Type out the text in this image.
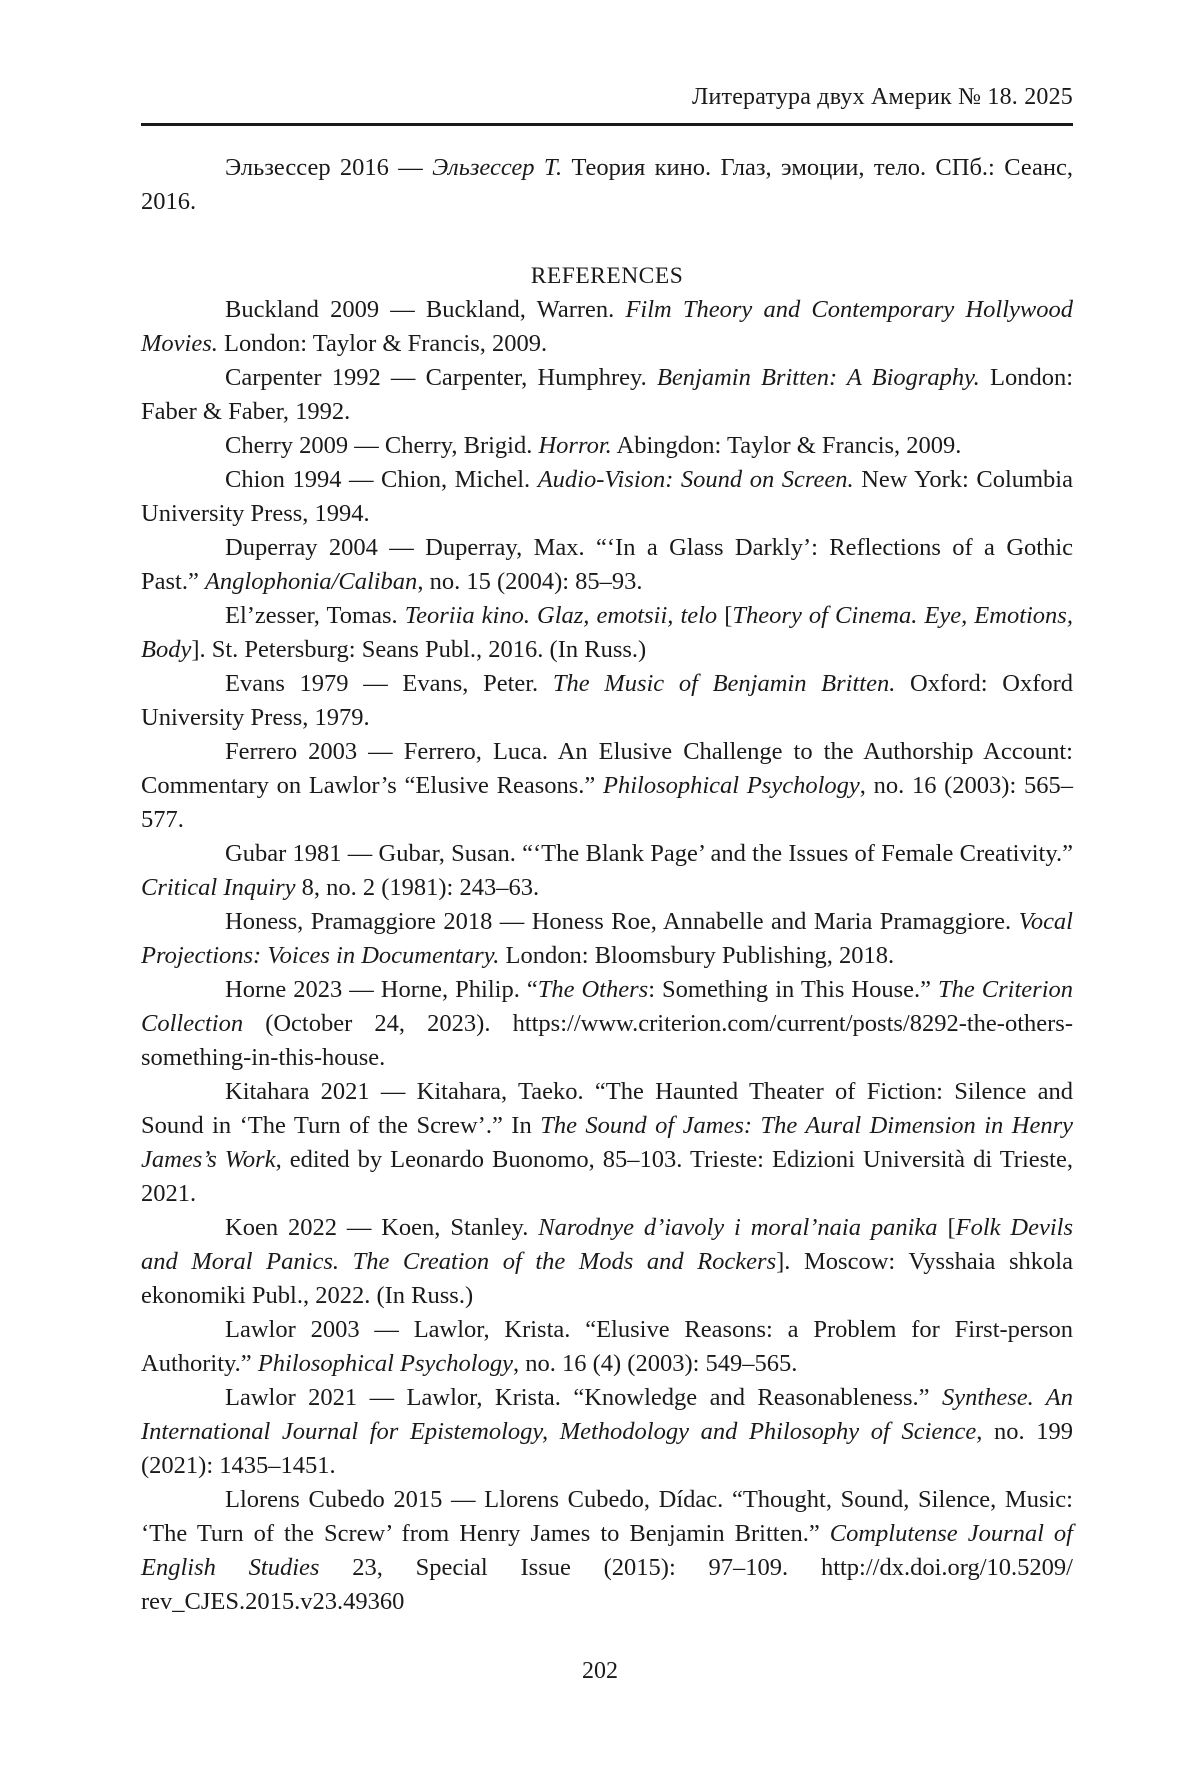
Литература двух Америк № 18. 2025

Эльзессер 2016 — Эльзессер Т. Теория кино. Глаз, эмоции, тело. СПб.: Сеанс, 2016.

REFERENCES

Buckland 2009 — Buckland, Warren. Film Theory and Contemporary Hollywood Movies. London: Taylor & Francis, 2009.

Carpenter 1992 — Carpenter, Humphrey. Benjamin Britten: A Biography. London: Faber & Faber, 1992.

Cherry 2009 — Cherry, Brigid. Horror. Abingdon: Taylor & Francis, 2009.

Chion 1994 — Chion, Michel. Audio-Vision: Sound on Screen. New York: Columbia University Press, 1994.

Duperray 2004 — Duperray, Max. “‘In a Glass Darkly’: Reflections of a Gothic Past.” Anglophonia/Caliban, no. 15 (2004): 85–93.

El’zesser, Tomas. Teoriia kino. Glaz, emotsii, telo [Theory of Cinema. Eye, Emotions, Body]. St. Petersburg: Seans Publ., 2016. (In Russ.)

Evans 1979 — Evans, Peter. The Music of Benjamin Britten. Oxford: Oxford University Press, 1979.

Ferrero 2003 — Ferrero, Luca. An Elusive Challenge to the Authorship Account: Commentary on Lawlor’s “Elusive Reasons.” Philosophical Psychology, no. 16 (2003): 565–577.

Gubar 1981 — Gubar, Susan. “‘The Blank Page’ and the Issues of Female Creativity.” Critical Inquiry 8, no. 2 (1981): 243–63.

Honess, Pramaggiore 2018 — Honess Roe, Annabelle and Maria Pramaggiore. Vocal Projections: Voices in Documentary. London: Bloomsbury Publishing, 2018.

Horne 2023 — Horne, Philip. “The Others: Something in This House.” The Criterion Collection (October 24, 2023). https://www.criterion.com/current/​posts/8292-the-others-something-in-this-house.

Kitahara 2021 — Kitahara, Taeko. “The Haunted Theater of Fiction: Silence and Sound in ‘The Turn of the Screw’.” In The Sound of James: The Aural Dimension in Henry James’s Work, edited by Leonardo Buonomo, 85–103. Trieste: Edizioni Università di Trieste, 2021.

Koen 2022 — Koen, Stanley. Narodnye d’iavoly i moral’naia panika [Folk Devils and Moral Panics. The Creation of the Mods and Rockers]. Moscow: Vysshaia shkola ekonomiki Publ., 2022. (In Russ.)

Lawlor 2003 — Lawlor, Krista. “Elusive Reasons: a Problem for First-person Authority.” Philosophical Psychology, no. 16 (4) (2003): 549–565.

Lawlor 2021 — Lawlor, Krista. “Knowledge and Reasonableness.” Synthese. An International Journal for Epistemology, Methodology and Philosophy of Science, no. 199 (2021): 1435–1451.

Llorens Cubedo 2015 — Llorens Cubedo, Dídac. “Thought, Sound, Silence, Music: ‘The Turn of the Screw’ from Henry James to Benjamin Britten.” Complutense Journal of English Studies 23, Special Issue (2015): 97–109. http://dx.doi.org/10.5209/​rev_CJES.2015.v23.49360

202
